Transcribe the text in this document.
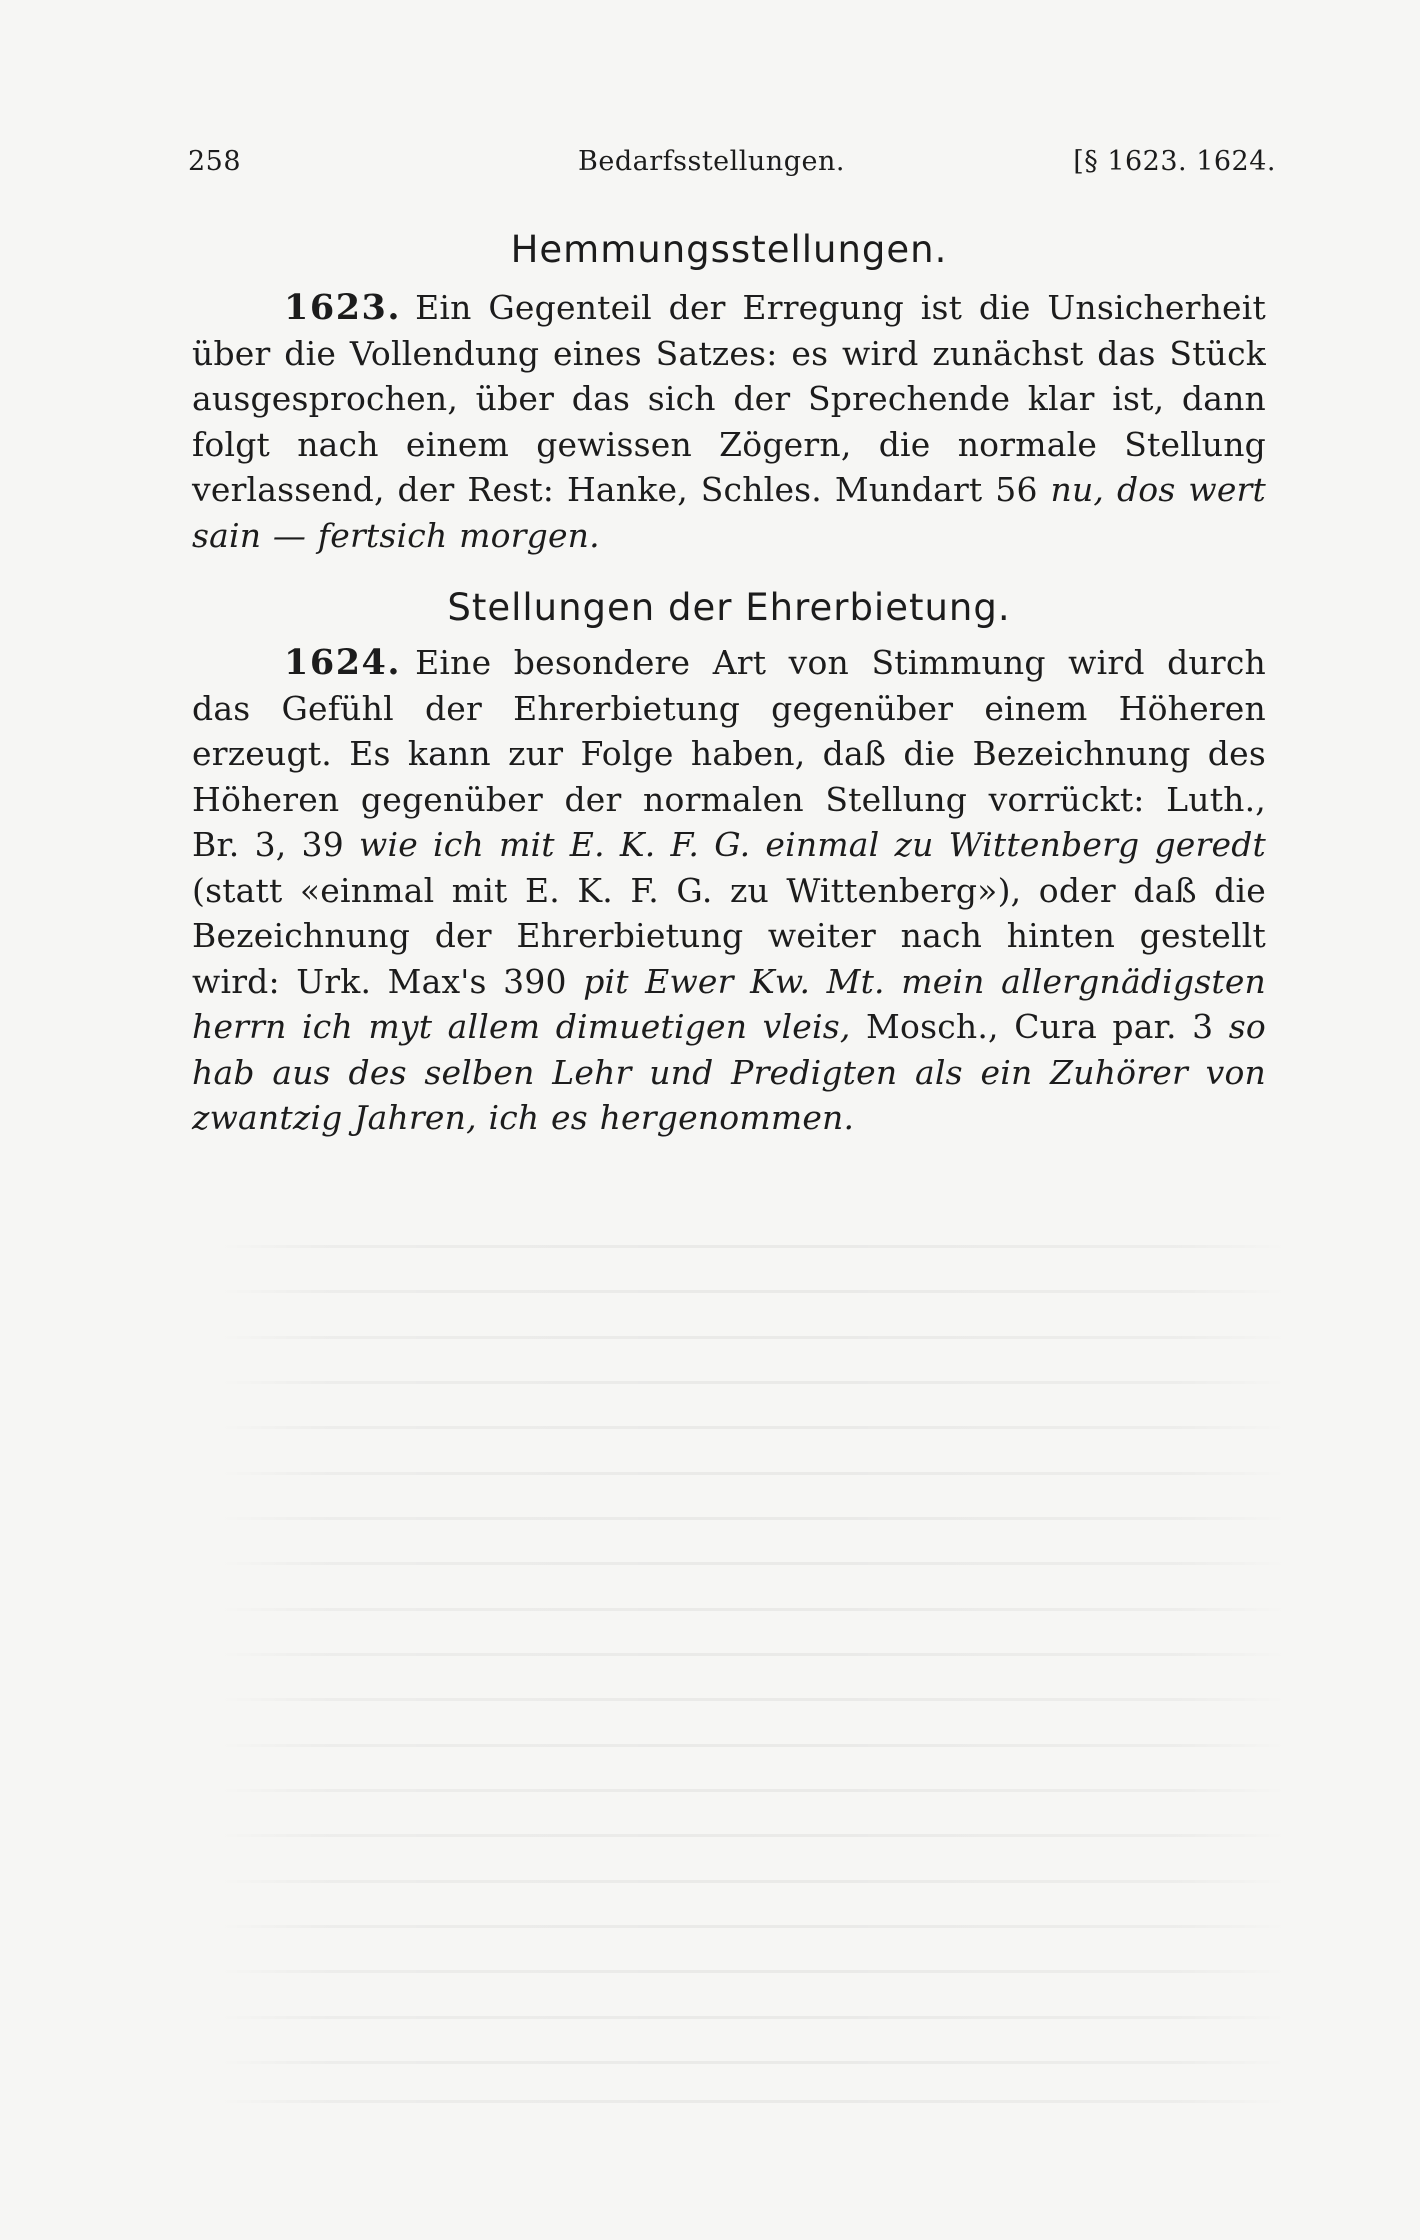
258	Bedarfsstellungen.	[§ 1623. 1624.
Hemmungsstellungen.

1623. Ein Gegenteil der Erregung ist die Unsicherheit über die Vollendung eines Satzes: es wird zunächst das Stück ausgesprochen, über das sich der Sprechende klar ist, dann folgt nach einem gewissen Zögern, die normale Stellung verlassend, der Rest: Hanke, Schles. Mundart 56 nu, dos wert sain — fertsich morgen.

Stellungen der Ehrerbietung.

1624. Eine besondere Art von Stimmung wird durch das Gefühl der Ehrerbietung gegenüber einem Höheren erzeugt. Es kann zur Folge haben, daß die Bezeichnung des Höheren gegenüber der normalen Stellung vorrückt: Luth., Br. 3, 39 wie ich mit E. K. F. G. einmal zu Wittenberg geredt (statt «einmal mit E. K. F. G. zu Wittenberg»), oder daß die Bezeichnung der Ehrerbietung weiter nach hinten gestellt wird: Urk. Max's 390 pit Ewer Kw. Mt. mein allergnädigsten herrn ich myt allem dimuetigen vleis, Mosch., Cura par. 3 so hab aus des selben Lehr und Predigten als ein Zuhörer von zwantzig Jahren, ich es hergenommen.
